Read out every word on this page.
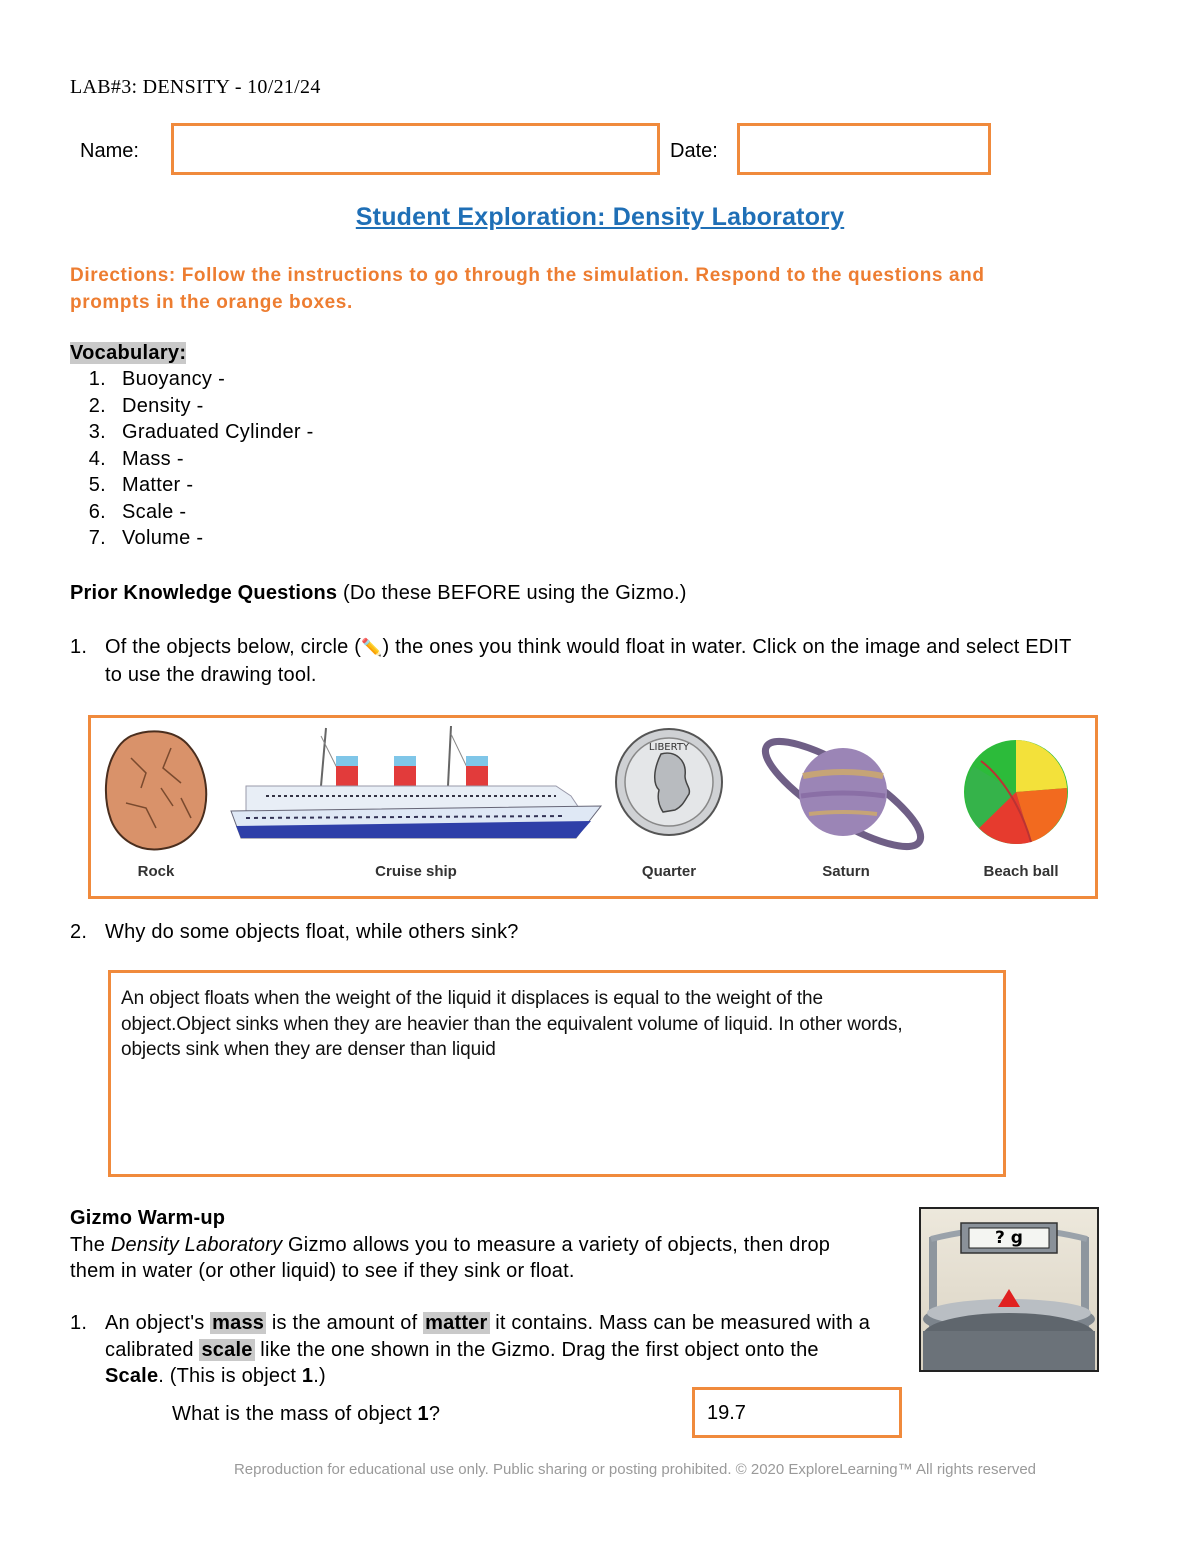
LAB#3: DENSITY - 10/21/24
Name:	Date:
Student Exploration: Density Laboratory
Directions: Follow the instructions to go through the simulation. Respond to the questions and
prompts in the orange boxes.
Vocabulary:
1. Buoyancy -
2. Density -
3. Graduated Cylinder -
4. Mass -
5. Matter -
6. Scale -
7. Volume -
Prior Knowledge Questions (Do these BEFORE using the Gizmo.)
1. Of the objects below, circle (✏️) the ones you think would float in water. Click on the image and select EDIT
to use the drawing tool.
Rock	Cruise ship
LIBERTY
Quarter	Saturn	Beach ball
2. Why do some objects float, while others sink?
An object floats when the weight of the liquid it displaces is equal to the weight of the
object.Object sinks when they are heavier than the equivalent volume of liquid. In other words,
objects sink when they are denser than liquid
Gizmo Warm-up
The Density Laboratory Gizmo allows you to measure a variety of objects, then drop
them in water (or other liquid) to see if they sink or float.
1. An object's mass is the amount of matter it contains. Mass can be measured with a
calibrated scale like the one shown in the Gizmo. Drag the first object onto the
Scale. (This is object 1.)
What is the mass of object 1?	19.7
? g
Reproduction for educational use only. Public sharing or posting prohibited. © 2020 ExploreLearning™ All rights reserved
